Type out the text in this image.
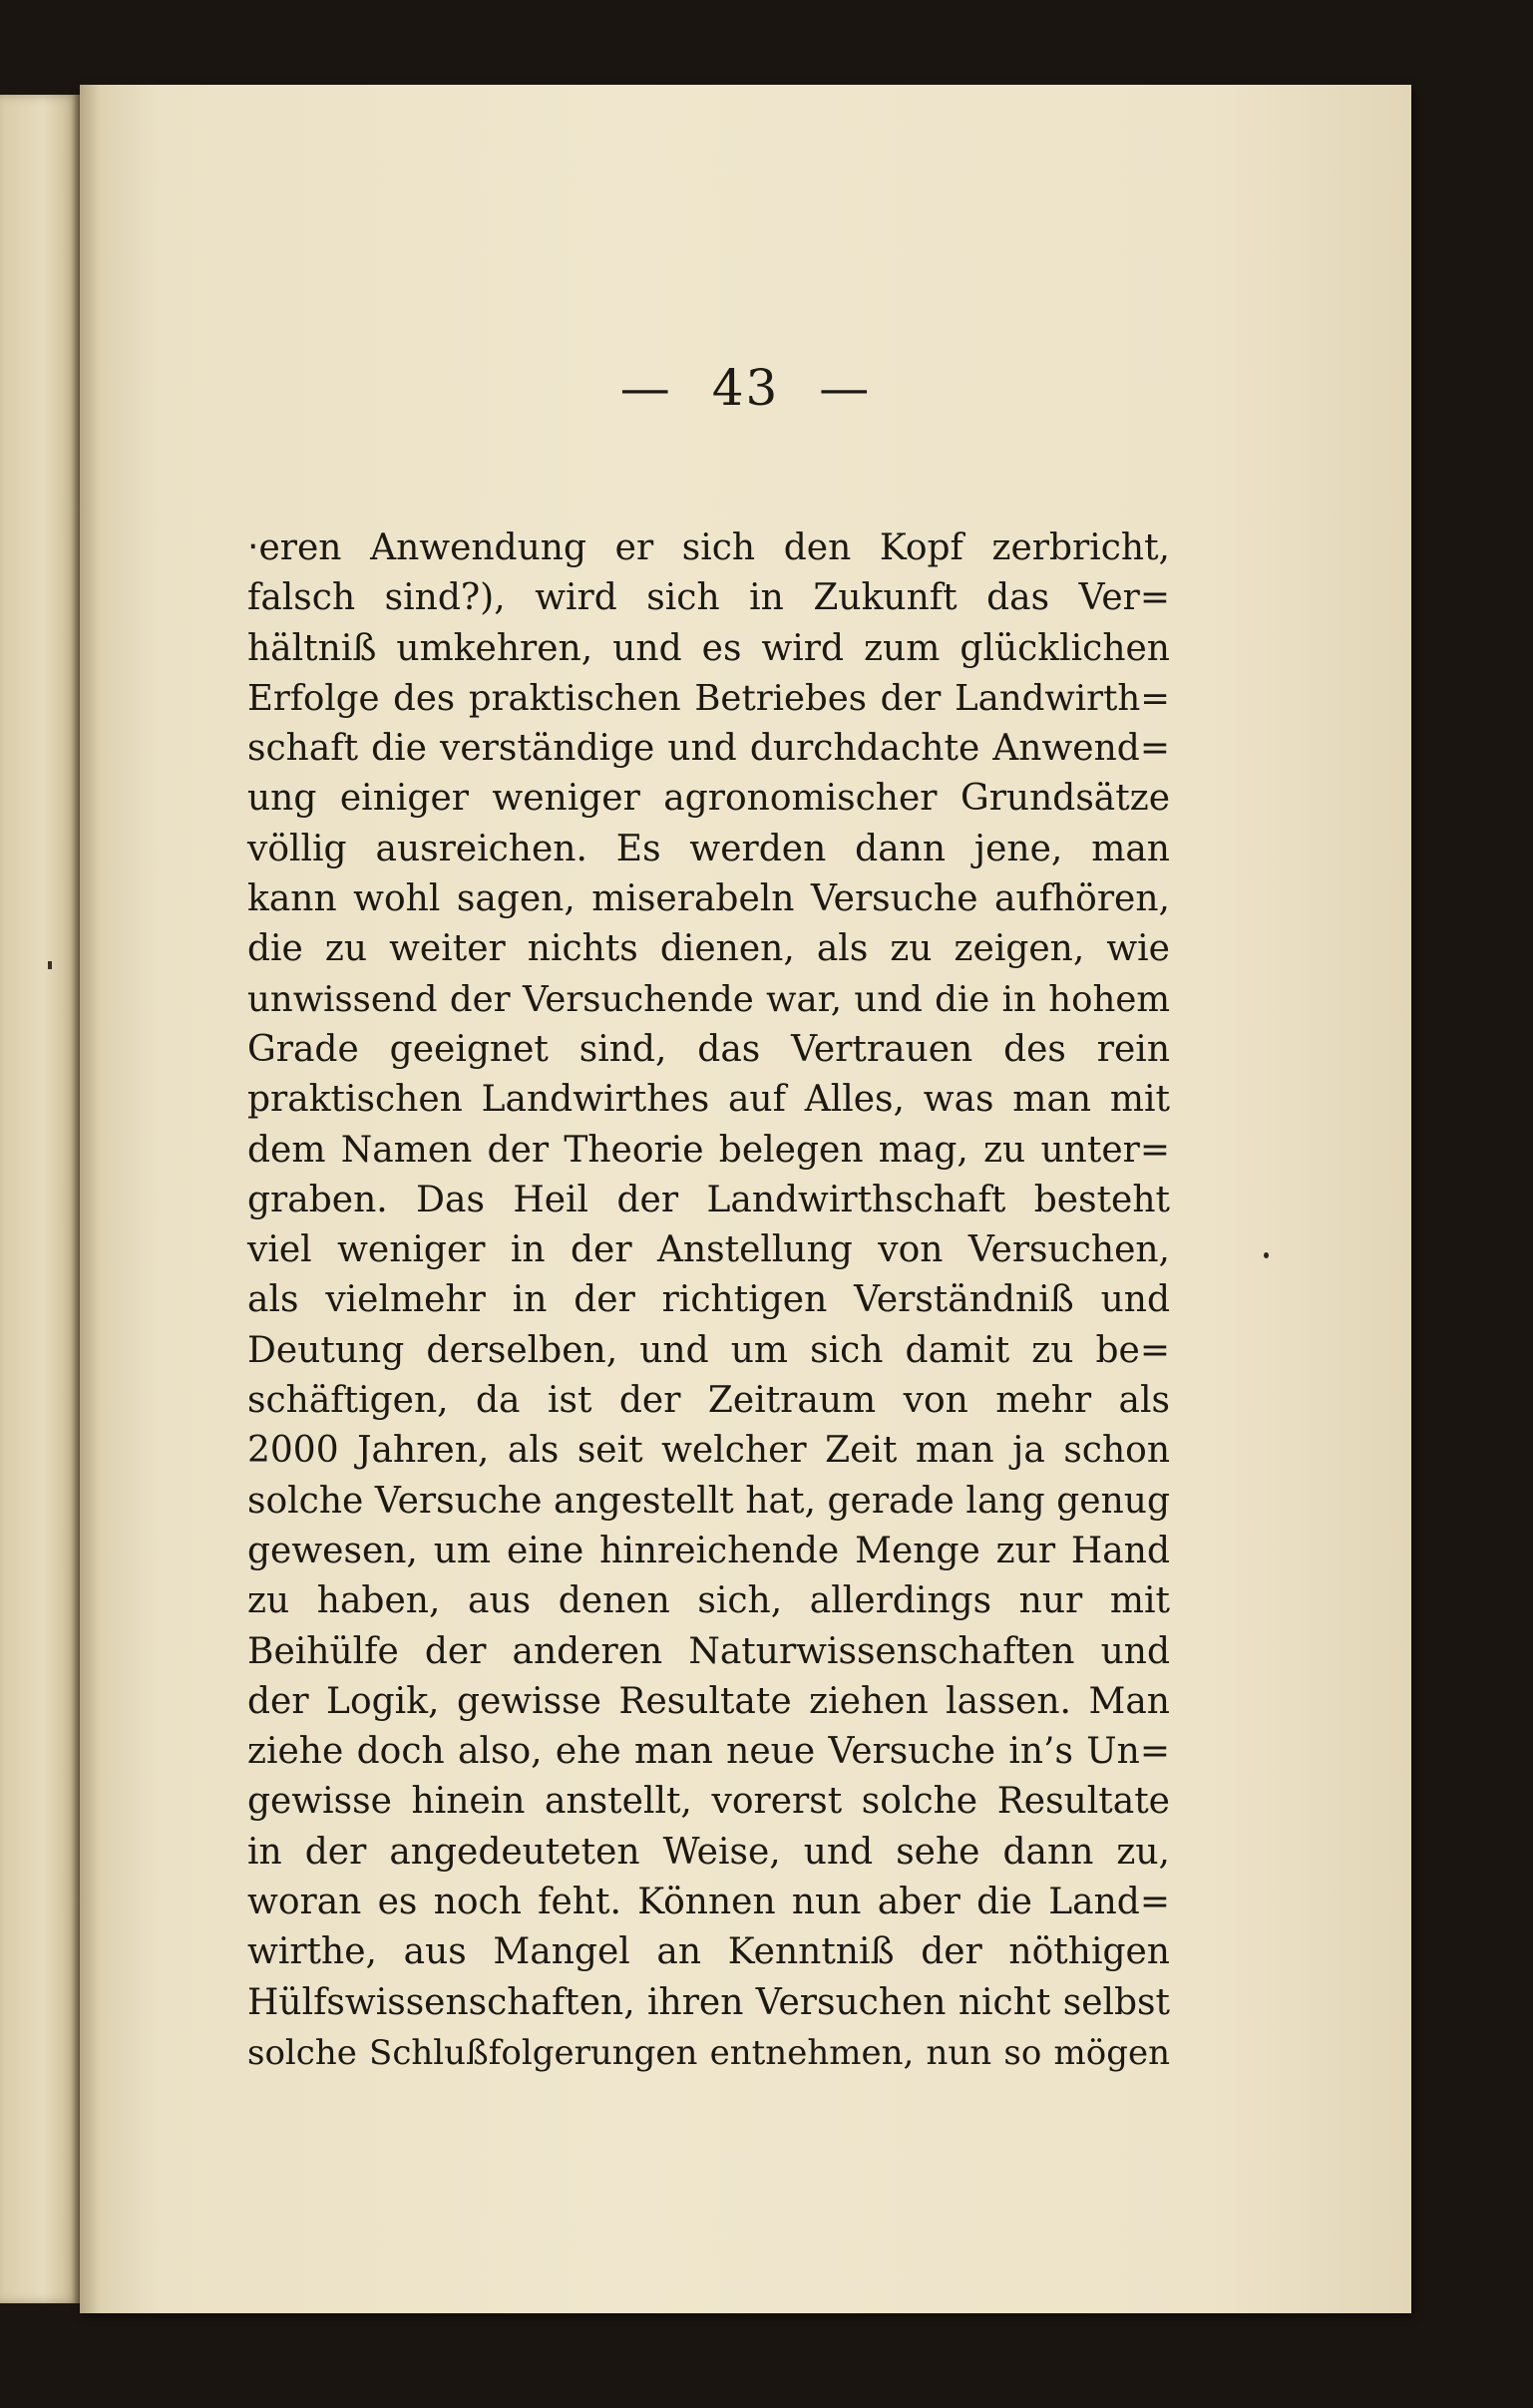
— 43 —
‧eren Anwendung er sich den Kopf zerbricht,
falsch sind?), wird sich in Zukunft das Ver=
hältniß umkehren, und es wird zum glücklichen
Erfolge des praktischen Betriebes der Landwirth=
schaft die verständige und durchdachte Anwend=
ung einiger weniger agronomischer Grundsätze
völlig ausreichen. Es werden dann jene, man
kann wohl sagen, miserabeln Versuche aufhören,
die zu weiter nichts dienen, als zu zeigen, wie
unwissend der Versuchende war, und die in hohem
Grade geeignet sind, das Vertrauen des rein
praktischen Landwirthes auf Alles, was man mit
dem Namen der Theorie belegen mag, zu unter=
graben. Das Heil der Landwirthschaft besteht
viel weniger in der Anstellung von Versuchen,
als vielmehr in der richtigen Verständniß und
Deutung derselben, und um sich damit zu be=
schäftigen, da ist der Zeitraum von mehr als
2000 Jahren, als seit welcher Zeit man ja schon
solche Versuche angestellt hat, gerade lang genug
gewesen, um eine hinreichende Menge zur Hand
zu haben, aus denen sich, allerdings nur mit
Beihülfe der anderen Naturwissenschaften und
der Logik, gewisse Resultate ziehen lassen. Man
ziehe doch also, ehe man neue Versuche in’s Un=
gewisse hinein anstellt, vorerst solche Resultate
in der angedeuteten Weise, und sehe dann zu,
woran es noch feht. Können nun aber die Land=
wirthe, aus Mangel an Kenntniß der nöthigen
Hülfswissenschaften, ihren Versuchen nicht selbst
solche Schlußfolgerungen entnehmen, nun so mögen
